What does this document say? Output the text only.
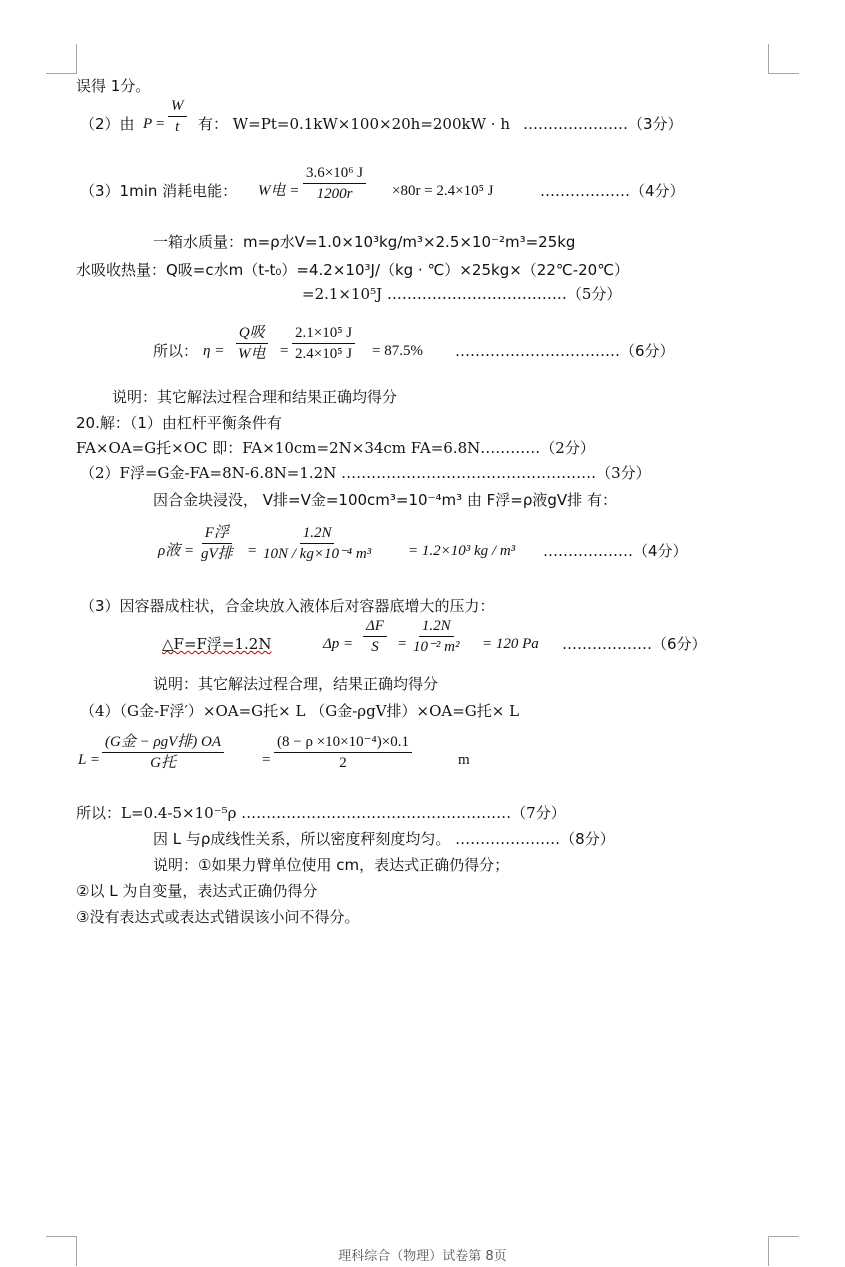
误得 1分。
（2）由 $P = \frac{W}{t}$ 有： W=Pt=0.1kW×100×20h=200kW · h …………………（3分）
（3）1min 消耗电能： W电 = $\frac{\text{3.6×10⁶ J}}{1200r} \times 80r = 2.4\times 10^5$ J	………………（4分）
一箱水质量：m=ρ水V=1.0×10³kg/m³×2.5×10⁻²m³=25kg
水吸收热量：Q吸=c水m（t-t₀）=4.2×10³J/（kg · ℃）×25kg×（22℃-20℃）
=2.1×10⁵J ………………………………（5分）
所以： η =
Q吸
W电 = $\frac{\text{2.1×10⁵ J}}{\text{2.4×10⁵ J}} = 87.5\%$ ……………………………（6分）
说明：其它解法过程合理和结果正确均得分
20.解：（1）由杠杆平衡条件有
FA×OA=G托×OC 即：FA×10cm=2N×34cm FA=6.8N…………（2分）
（2）F浮=G金-FA=8N-6.8N=1.2N ……………………………………………（3分）
因合金块浸没， V排=V金=100cm³=10⁻⁴m³ 由 F浮=ρ液gV排 有：
ρ液 =
F浮
gV排 = $\frac{1.2N}{\text{10N / kg×10⁻⁴ m³}} = 1.2\times 10^3$ kg / m³ ………………（4分）
（3）因容器成柱状，合金块放入液体后对容器底增大的压力：
△F=F浮=1.2N	$\Delta p = \frac{\Delta F}{S} = \frac{1.2N}{\text{10⁻² m²}} = 120$ Pa ………………（6分）
说明：其它解法过程合理，结果正确均得分
（4）（G金-F浮′）×OA=G托× L （G金-ρgV排）×OA=G托× L
L =
(G金 − ρgV排) OA
G托	= $\frac{\text{(8 − ρ ×10×10⁻⁴)×0.1}}{2}$	m
所以：L=0.4-5×10⁻⁵ρ ………………………………………………（7分）
因 L 与ρ成线性关系，所以密度秤刻度均匀。 …………………（8分）
说明：①如果力臂单位使用 cm，表达式正确仍得分；
②以 L 为自变量，表达式正确仍得分
③没有表达式或表达式错误该小问不得分。
理科综合（物理）试卷第 8页
